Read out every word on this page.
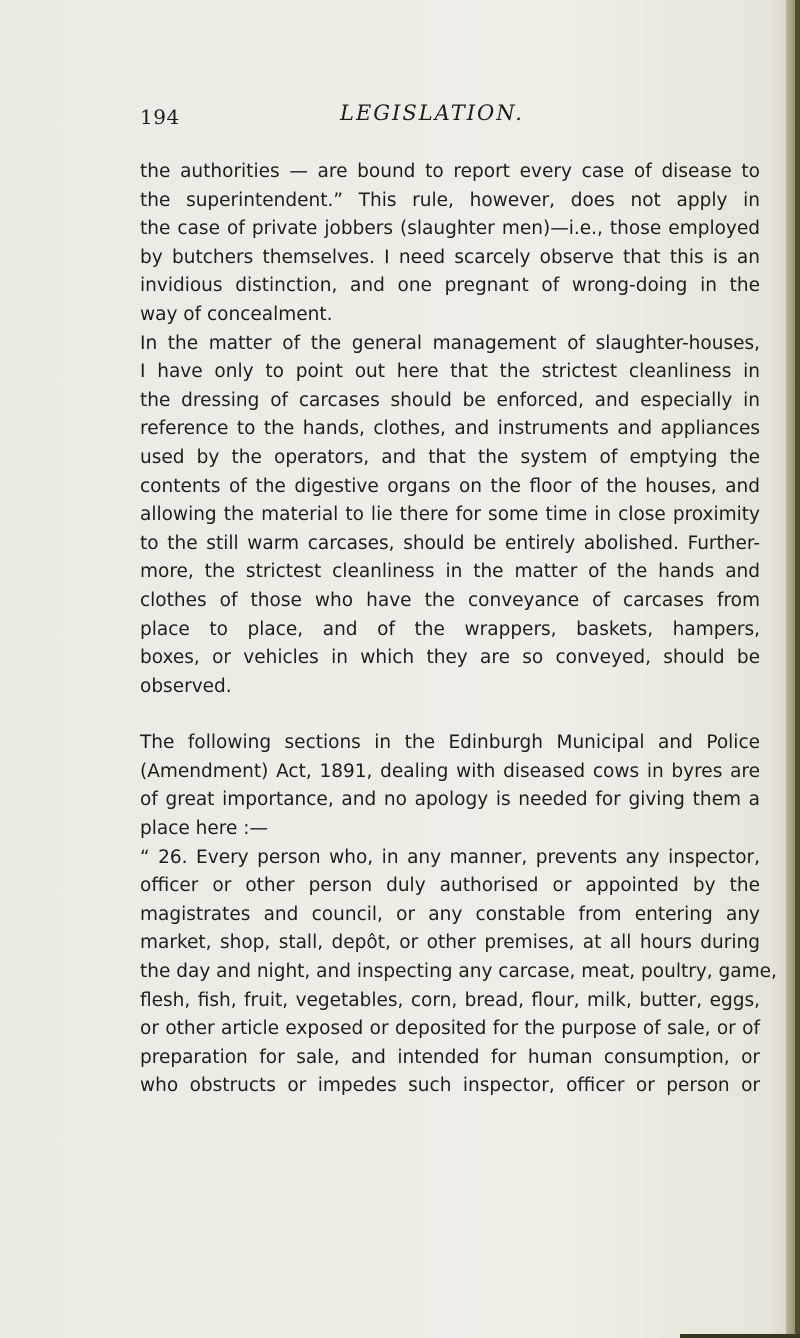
194	LEGISLATION.

the authorities — are bound to report every case of disease to
the superintendent.” This rule, however, does not apply in
the case of private jobbers (slaughter men)—i.e., those employed
by butchers themselves. I need scarcely observe that this is an
invidious distinction, and one pregnant of wrong-doing in the
way of concealment.

In the matter of the general management of slaughter-houses,
I have only to point out here that the strictest cleanliness in
the dressing of carcases should be enforced, and especially in
reference to the hands, clothes, and instruments and appliances
used by the operators, and that the system of emptying the
contents of the digestive organs on the floor of the houses, and
allowing the material to lie there for some time in close proximity
to the still warm carcases, should be entirely abolished. Further-
more, the strictest cleanliness in the matter of the hands and
clothes of those who have the conveyance of carcases from
place to place, and of the wrappers, baskets, hampers,
boxes, or vehicles in which they are so conveyed, should be
observed.

The following sections in the Edinburgh Municipal and Police
(Amendment) Act, 1891, dealing with diseased cows in byres are
of great importance, and no apology is needed for giving them a
place here :—

“ 26. Every person who, in any manner, prevents any inspector,
officer or other person duly authorised or appointed by the
magistrates and council, or any constable from entering any
market, shop, stall, depôt, or other premises, at all hours during
the day and night, and inspecting any carcase, meat, poultry, game,
flesh, fish, fruit, vegetables, corn, bread, flour, milk, butter, eggs,
or other article exposed or deposited for the purpose of sale, or of
preparation for sale, and intended for human consumption, or
who obstructs or impedes such inspector, officer or person or
